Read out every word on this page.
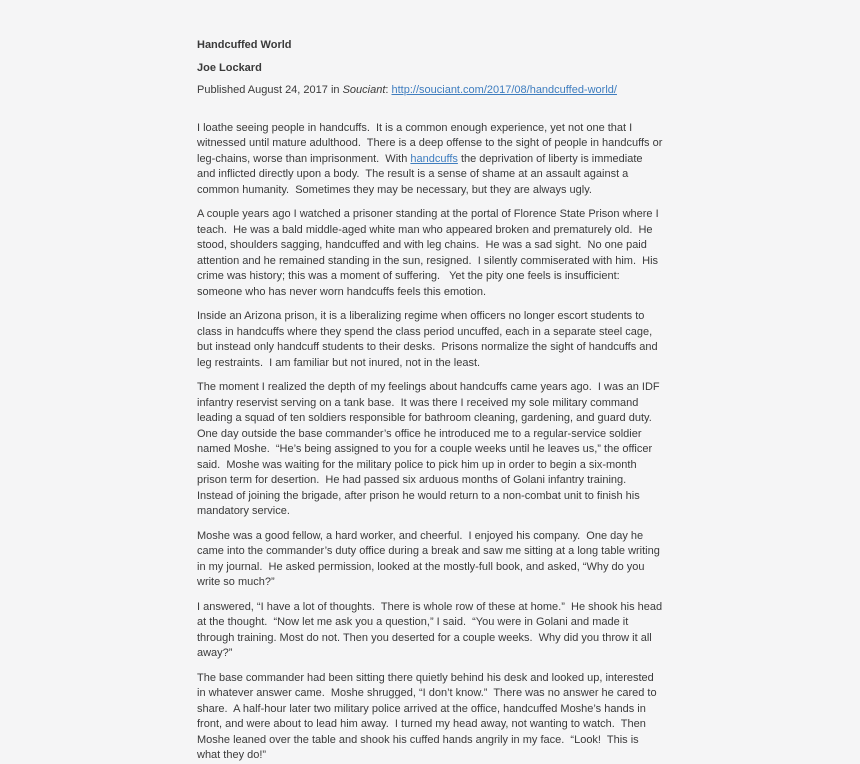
Handcuffed World

Joe Lockard

Published August 24, 2017 in Souciant: http://souciant.com/2017/08/handcuffed-world/

I loathe seeing people in handcuffs.  It is a common enough experience, yet not one that I witnessed until mature adulthood.  There is a deep offense to the sight of people in handcuffs or leg-chains, worse than imprisonment.  With handcuffs the deprivation of liberty is immediate and inflicted directly upon a body.  The result is a sense of shame at an assault against a common humanity.  Sometimes they may be necessary, but they are always ugly.

A couple years ago I watched a prisoner standing at the portal of Florence State Prison where I teach.  He was a bald middle-aged white man who appeared broken and prematurely old.  He stood, shoulders sagging, handcuffed and with leg chains.  He was a sad sight.  No one paid attention and he remained standing in the sun, resigned.  I silently commiserated with him.  His crime was history; this was a moment of suffering.   Yet the pity one feels is insufficient: someone who has never worn handcuffs feels this emotion.

Inside an Arizona prison, it is a liberalizing regime when officers no longer escort students to class in handcuffs where they spend the class period uncuffed, each in a separate steel cage, but instead only handcuff students to their desks.  Prisons normalize the sight of handcuffs and leg restraints.  I am familiar but not inured, not in the least.

The moment I realized the depth of my feelings about handcuffs came years ago.  I was an IDF infantry reservist serving on a tank base.  It was there I received my sole military command leading a squad of ten soldiers responsible for bathroom cleaning, gardening, and guard duty.  One day outside the base commander’s office he introduced me to a regular-service soldier named Moshe.  “He’s being assigned to you for a couple weeks until he leaves us,” the officer said.  Moshe was waiting for the military police to pick him up in order to begin a six-month prison term for desertion.  He had passed six arduous months of Golani infantry training.  Instead of joining the brigade, after prison he would return to a non-combat unit to finish his mandatory service.

Moshe was a good fellow, a hard worker, and cheerful.  I enjoyed his company.  One day he came into the commander’s duty office during a break and saw me sitting at a long table writing in my journal.  He asked permission, looked at the mostly-full book, and asked, “Why do you write so much?”

I answered, “I have a lot of thoughts.  There is whole row of these at home.”  He shook his head at the thought.  “Now let me ask you a question,” I said.  “You were in Golani and made it through training. Most do not. Then you deserted for a couple weeks.  Why did you throw it all away?”

The base commander had been sitting there quietly behind his desk and looked up, interested in whatever answer came.  Moshe shrugged, “I don’t know.”  There was no answer he cared to share.  A half-hour later two military police arrived at the office, handcuffed Moshe’s hands in front, and were about to lead him away.  I turned my head away, not wanting to watch.  Then Moshe leaned over the table and shook his cuffed hands angrily in my face.  “Look!  This is what they do!”
